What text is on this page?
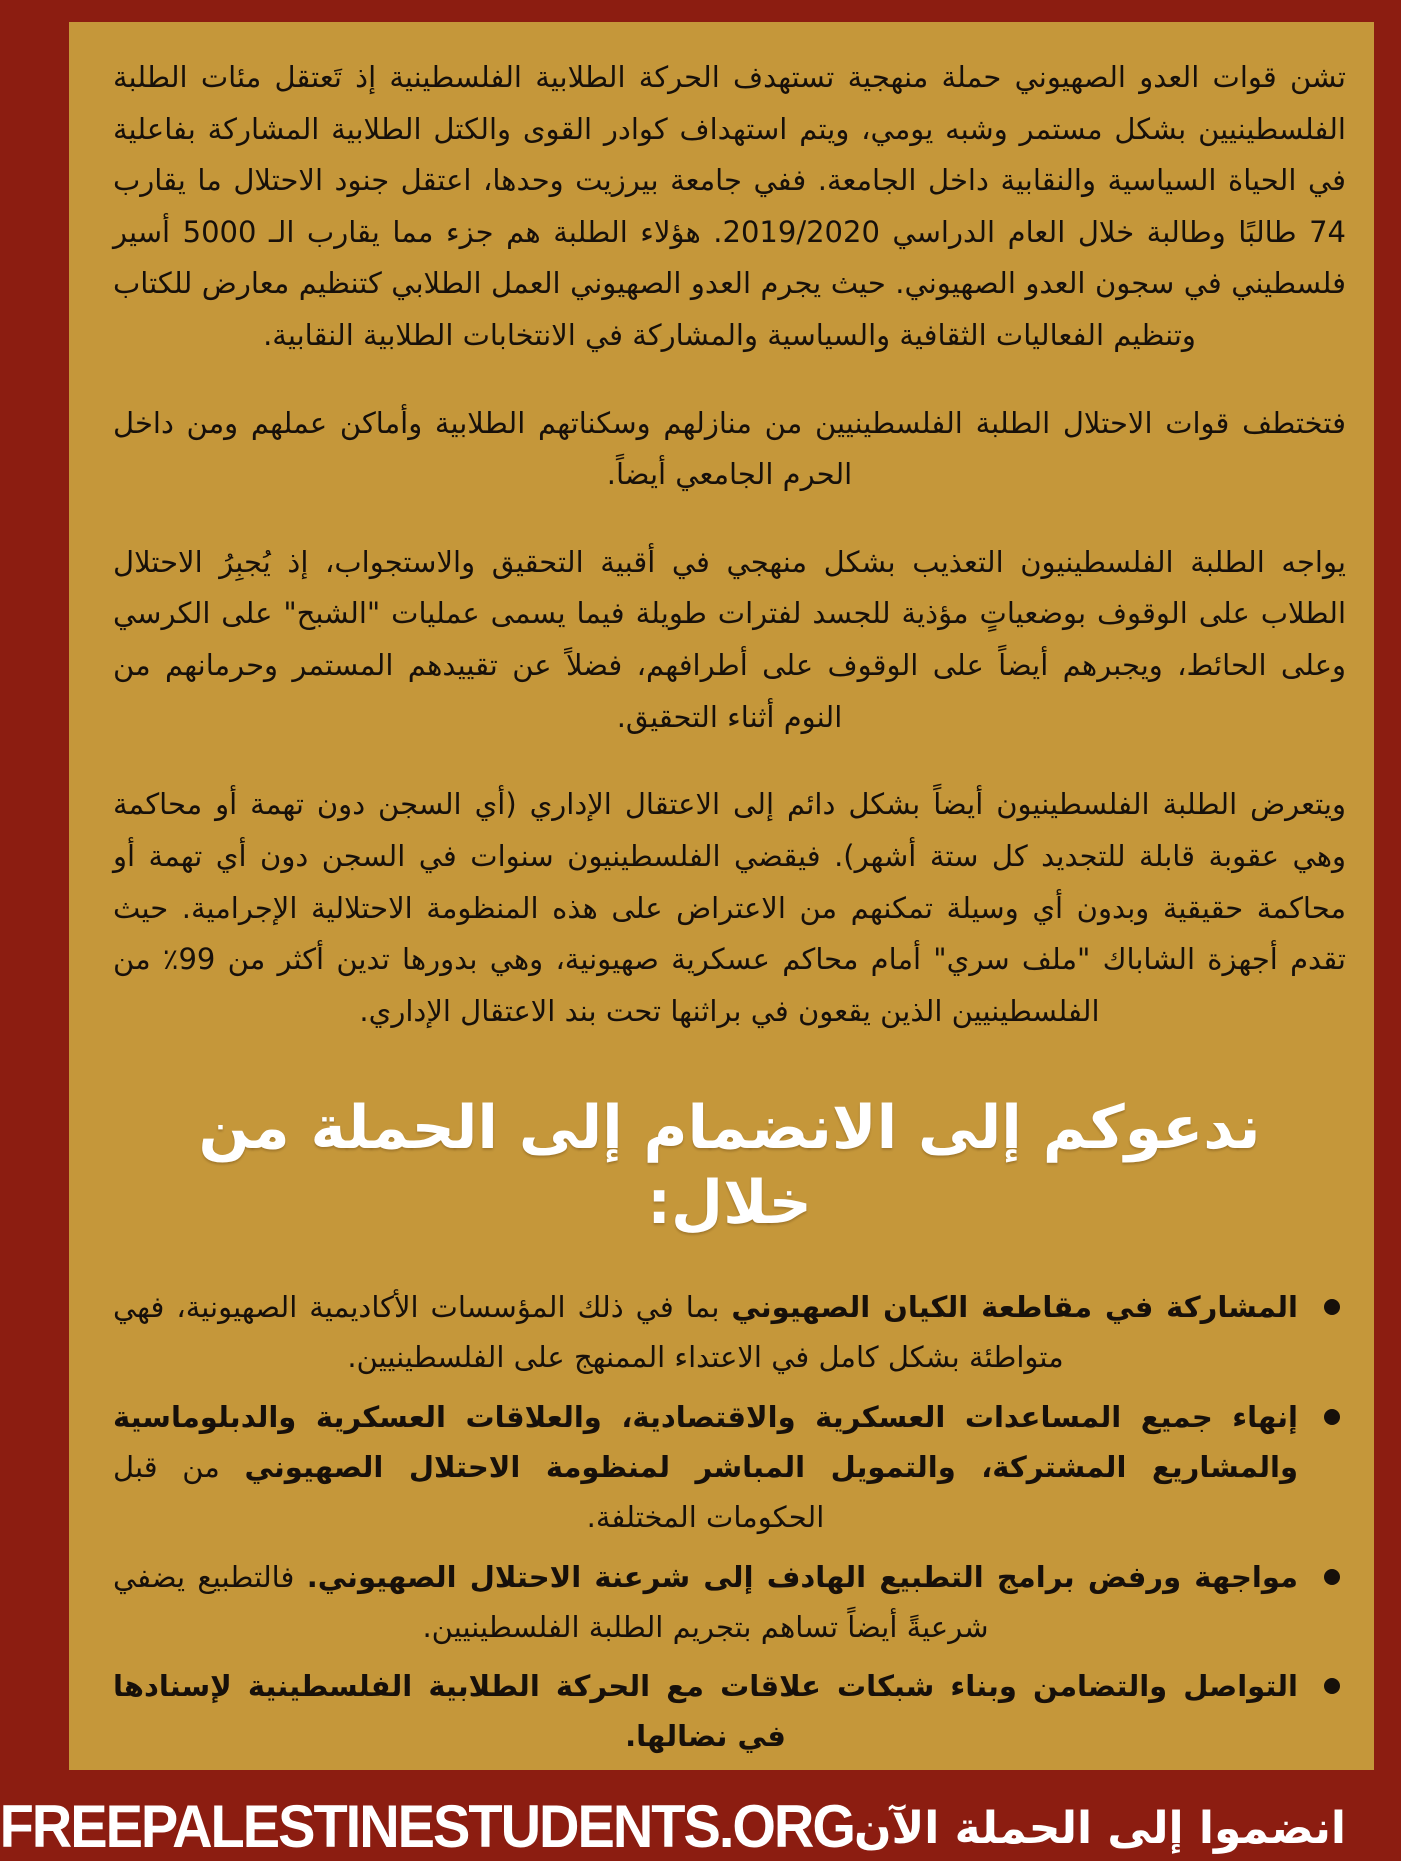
تشن قوات العدو الصهيوني حملة منهجية تستهدف الحركة الطلابية الفلسطينية إذ تَعتقل مئات الطلبة الفلسطينيين بشكل مستمر وشبه يومي، ويتم استهداف كوادر القوى والكتل الطلابية المشاركة بفاعلية في الحياة السياسية والنقابية داخل الجامعة. ففي جامعة بيرزيت وحدها، اعتقل جنود الاحتلال ما يقارب 74 طالبًا وطالبة خلال العام الدراسي 2019/2020. هؤلاء الطلبة هم جزء مما يقارب الـ 5000 أسير فلسطيني في سجون العدو الصهيوني. حيث يجرم العدو الصهيوني العمل الطلابي كتنظيم معارض للكتاب وتنظيم الفعاليات الثقافية والسياسية والمشاركة في الانتخابات الطلابية النقابية.

فتختطف قوات الاحتلال الطلبة الفلسطينيين من منازلهم وسكناتهم الطلابية وأماكن عملهم ومن داخل الحرم الجامعي أيضاً.

يواجه الطلبة الفلسطينيون التعذيب بشكل منهجي في أقبية التحقيق والاستجواب، إذ يُجبِرُ الاحتلال الطلاب على الوقوف بوضعياتٍ مؤذية للجسد لفترات طويلة فيما يسمى عمليات "الشبح" على الكرسي وعلى الحائط، ويجبرهم أيضاً على الوقوف على أطرافهم، فضلاً عن تقييدهم المستمر وحرمانهم من النوم أثناء التحقيق.

ويتعرض الطلبة الفلسطينيون أيضاً بشكل دائم إلى الاعتقال الإداري (أي السجن دون تهمة أو محاكمة وهي عقوبة قابلة للتجديد كل ستة أشهر). فيقضي الفلسطينيون سنوات في السجن دون أي تهمة أو محاكمة حقيقية وبدون أي وسيلة تمكنهم من الاعتراض على هذه المنظومة الاحتلالية الإجرامية. حيث تقدم أجهزة الشاباك "ملف سري" أمام محاكم عسكرية صهيونية، وهي بدورها تدين أكثر من 99٪ من الفلسطينيين الذين يقعون في براثنها تحت بند الاعتقال الإداري.

ندعوكم إلى الانضمام إلى الحملة من خلال:
المشاركة في مقاطعة الكيان الصهيوني بما في ذلك المؤسسات الأكاديمية الصهيونية، فهي متواطئة بشكل كامل في الاعتداء الممنهج على الفلسطينيين.
إنهاء جميع المساعدات العسكرية والاقتصادية، والعلاقات العسكرية والدبلوماسية والمشاريع المشتركة، والتمويل المباشر لمنظومة الاحتلال الصهيوني من قبل الحكومات المختلفة.
مواجهة ورفض برامج التطبيع الهادف إلى شرعنة الاحتلال الصهيوني. فالتطبيع يضفي شرعيةً أيضاً تساهم بتجريم الطلبة الفلسطينيين.
التواصل والتضامن وبناء شبكات علاقات مع الحركة الطلابية الفلسطينية لإسنادها في نضالها.
انضموا إلى الحملة الآن
FREEPALESTINESTUDENTS.ORG
